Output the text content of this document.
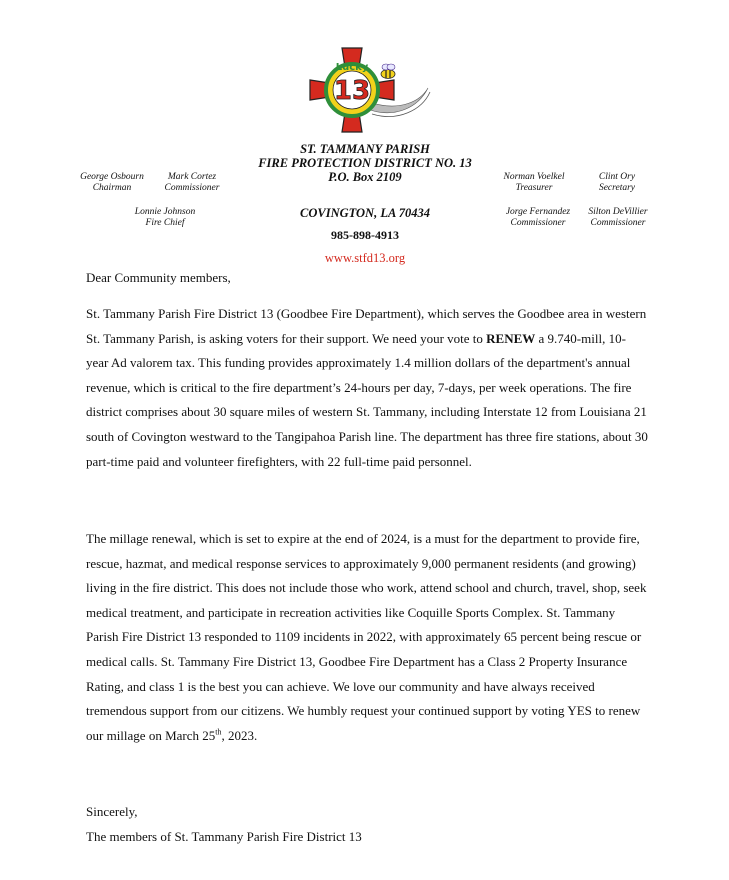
13
Lucky
ST. TAMMANY PARISH
FIRE PROTECTION DISTRICT NO. 13
P.O. Box 2109
COVINGTON, LA 70434
985-898-4913
www.stfd13.org
George Osbourn
Chairman
Mark Cortez
Commissioner
Lonnie Johnson
Fire Chief
Norman Voelkel
Treasurer
Clint Ory
Secretary
Jorge Fernandez
Commissioner
Silton DeVillier
Commissioner
Dear Community members,

St. Tammany Parish Fire District 13 (Goodbee Fire Department), which serves the Goodbee area in western St. Tammany Parish, is asking voters for their support. We need your vote to RENEW a 9.740-mill, 10-year Ad valorem tax. This funding provides approximately 1.4 million dollars of the department's annual revenue, which is critical to the fire department’s 24-hours per day, 7-days, per week operations. The fire district comprises about 30 square miles of western St. Tammany, including Interstate 12 from Louisiana 21 south of Covington westward to the Tangipahoa Parish line. The department has three fire stations, about 30 part-time paid and volunteer firefighters, with 22 full-time paid personnel.

The millage renewal, which is set to expire at the end of 2024, is a must for the department to provide fire, rescue, hazmat, and medical response services to approximately 9,000 permanent residents (and growing) living in the fire district. This does not include those who work, attend school and church, travel, shop, seek medical treatment, and participate in recreation activities like Coquille Sports Complex. St. Tammany Parish Fire District 13 responded to 1109 incidents in 2022, with approximately 65 percent being rescue or medical calls. St. Tammany Fire District 13, Goodbee Fire Department has a Class 2 Property Insurance Rating, and class 1 is the best you can achieve. We love our community and have always received tremendous support from our citizens. We humbly request your continued support by voting YES to renew our millage on March 25th, 2023.

Sincerely,
The members of St. Tammany Parish Fire District 13
